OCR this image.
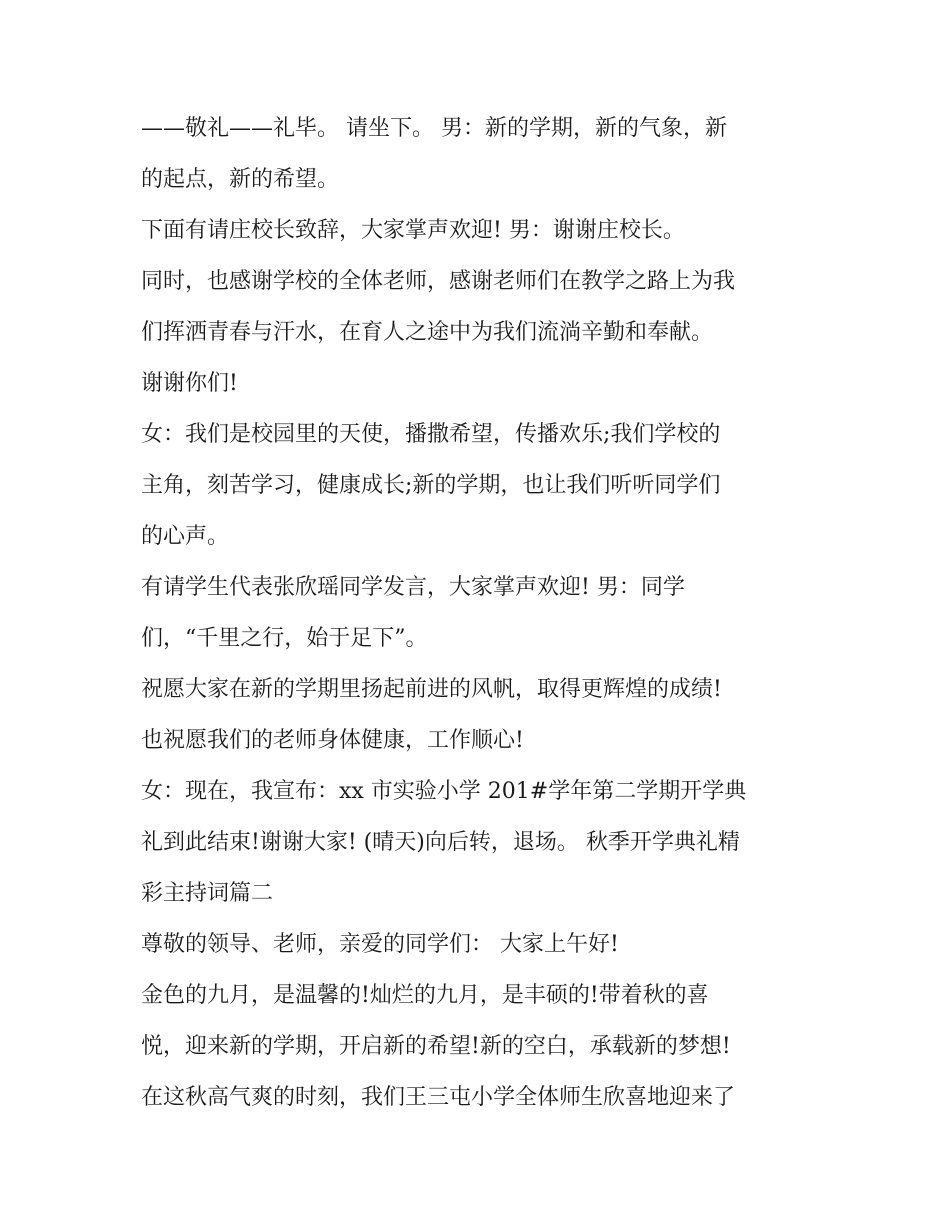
——敬礼——礼毕。 请坐下。 男：新的学期，新的气象，新
的起点，新的希望。
下面有请庄校长致辞，大家掌声欢迎! 男：谢谢庄校长。
同时，也感谢学校的全体老师，感谢老师们在教学之路上为我
们挥洒青春与汗水，在育人之途中为我们流淌辛勤和奉献。
谢谢你们!
女：我们是校园里的天使，播撒希望，传播欢乐;我们学校的
主角，刻苦学习，健康成长;新的学期，也让我们听听同学们
的心声。
有请学生代表张欣瑶同学发言，大家掌声欢迎! 男：同学
们，“千里之行，始于足下”。
祝愿大家在新的学期里扬起前进的风帆，取得更辉煌的成绩!
也祝愿我们的老师身体健康，工作顺心!
女：现在，我宣布：xx 市实验小学 201#学年第二学期开学典
礼到此结束!谢谢大家! (晴天)向后转，退场。 秋季开学典礼精
彩主持词篇二
尊敬的领导、老师，亲爱的同学们： 大家上午好!
金色的九月，是温馨的!灿烂的九月，是丰硕的!带着秋的喜
悦，迎来新的学期，开启新的希望!新的空白，承载新的梦想!
在这秋高气爽的时刻，我们王三屯小学全体师生欣喜地迎来了
